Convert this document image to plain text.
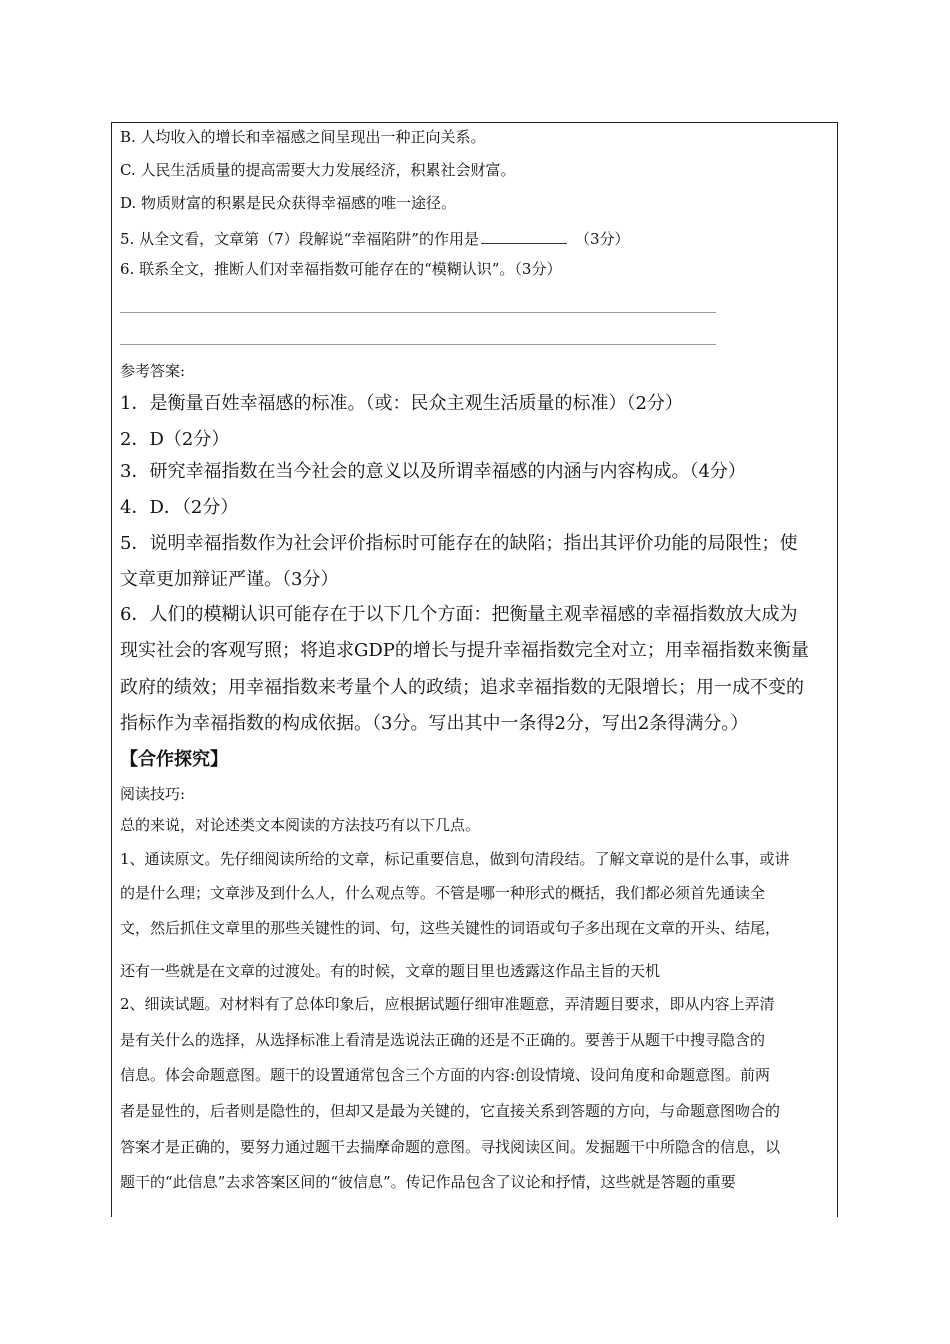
B. 人均收入的增长和幸福感之间呈现出一种正向关系。
C. 人民生活质量的提高需要大力发展经济，积累社会财富。
D. 物质财富的积累是民众获得幸福感的唯一途径。
5. 从全文看，文章第（7）段解说“幸福陷阱”的作用是	（3分）
6. 联系全文，推断人们对幸福指数可能存在的“模糊认识”。（3分）
参考答案:
1．是衡量百姓幸福感的标准。（或：民众主观生活质量的标准）（2分）
2．D（2分）
3．研究幸福指数在当今社会的意义以及所谓幸福感的内涵与内容构成。（4分）
4．D．（2分）
5．说明幸福指数作为社会评价指标时可能存在的缺陷；指出其评价功能的局限性；使
文章更加辩证严谨。（3分）
6．人们的模糊认识可能存在于以下几个方面：把衡量主观幸福感的幸福指数放大成为
现实社会的客观写照；将追求GDP的增长与提升幸福指数完全对立；用幸福指数来衡量
政府的绩效；用幸福指数来考量个人的政绩；追求幸福指数的无限增长；用一成不变的
指标作为幸福指数的构成依据。（3分。写出其中一条得2分，写出2条得满分。）
【合作探究】
阅读技巧:
总的来说，对论述类文本阅读的方法技巧有以下几点。
1、通读原文。先仔细阅读所给的文章，标记重要信息，做到句清段结。了解文章说的是什么事，或讲
的是什么理；文章涉及到什么人，什么观点等。不管是哪一种形式的概括，我们都必须首先通读全
文，然后抓住文章里的那些关键性的词、句，这些关键性的词语或句子多出现在文章的开头、结尾，
还有一些就是在文章的过渡处。有的时候，文章的题目里也透露这作品主旨的天机
2、细读试题。对材料有了总体印象后，应根据试题仔细审准题意，弄清题目要求，即从内容上弄清
是有关什么的选择，从选择标准上看清是选说法正确的还是不正确的。要善于从题干中搜寻隐含的
信息。体会命题意图。题干的设置通常包含三个方面的内容:创设情境、设问角度和命题意图。前两
者是显性的，后者则是隐性的，但却又是最为关键的，它直接关系到答题的方向，与命题意图吻合的
答案才是正确的，要努力通过题干去揣摩命题的意图。寻找阅读区间。发掘题干中所隐含的信息，以
题干的“此信息”去求答案区间的“彼信息”。传记作品包含了议论和抒情，这些就是答题的重要
